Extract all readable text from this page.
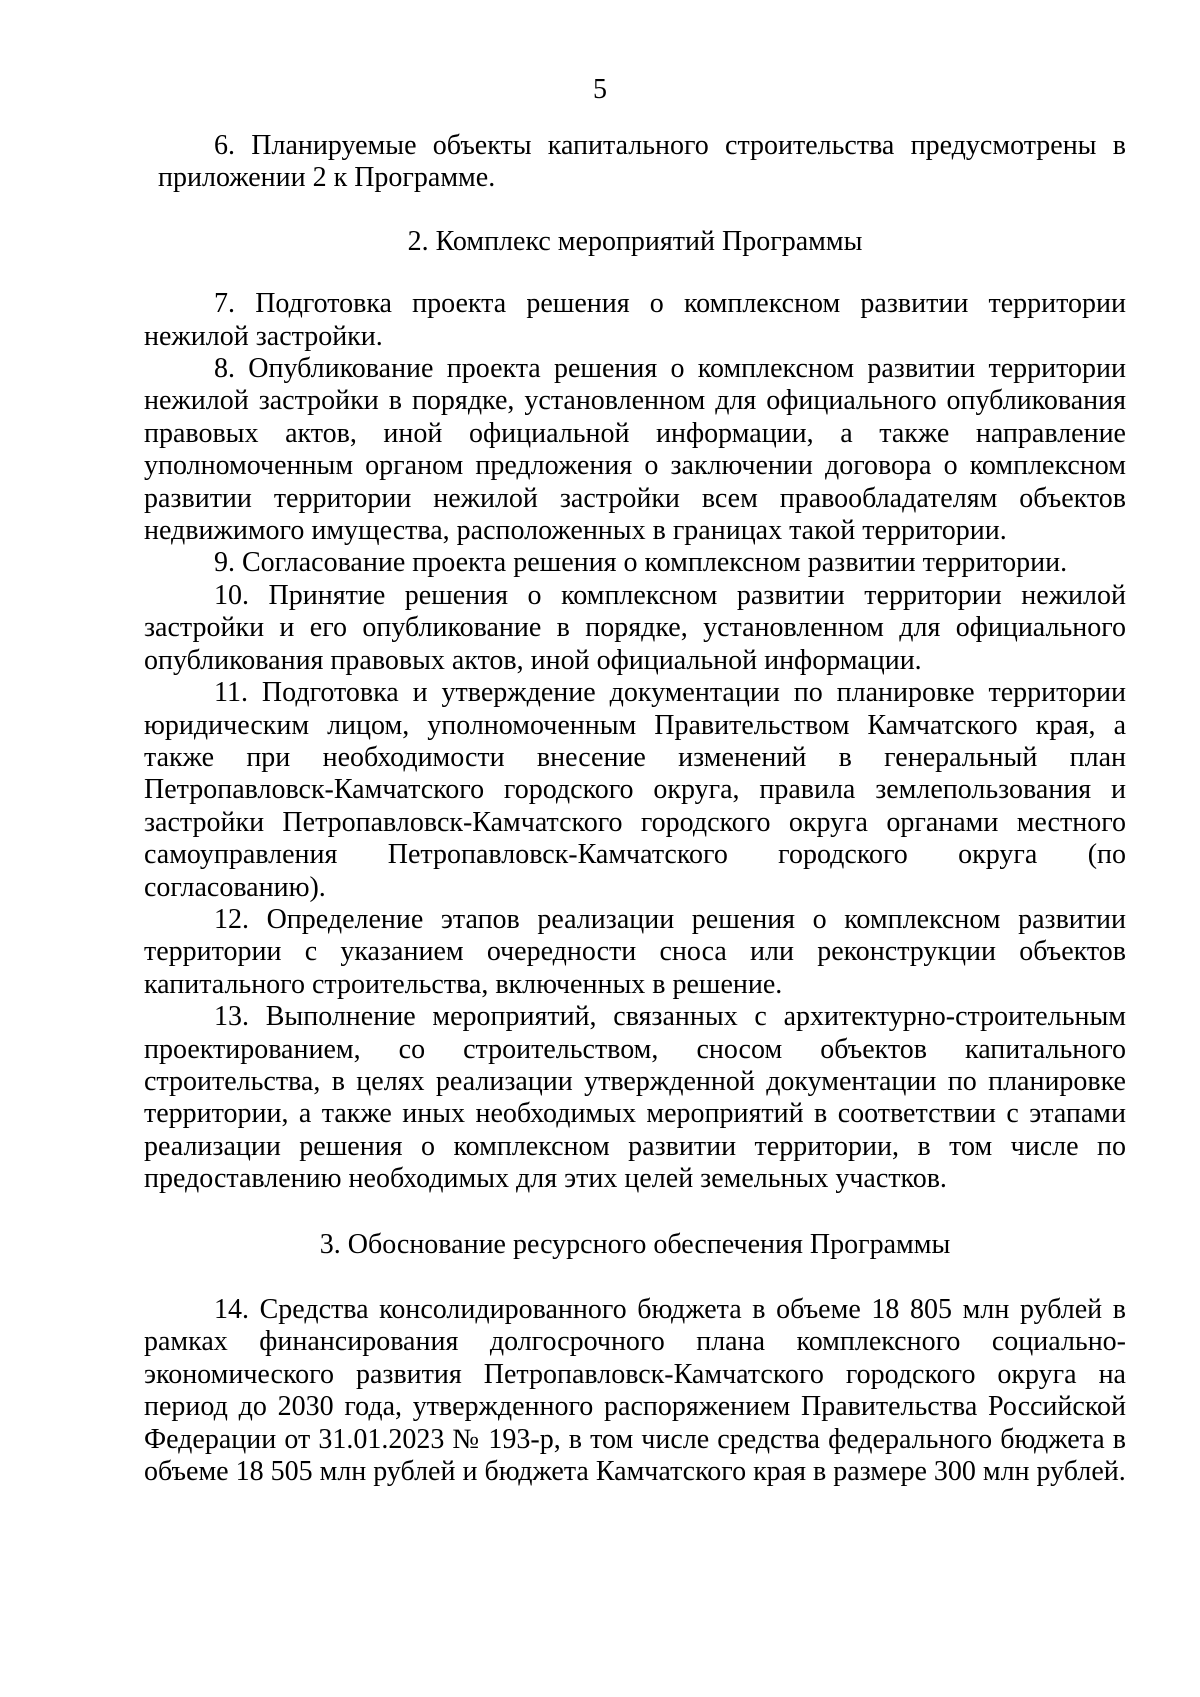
5

6. Планируемые объекты капитального строительства предусмотрены в приложении 2 к Программе.

2. Комплекс мероприятий Программы

7. Подготовка проекта решения о комплексном развитии территории нежилой застройки.

8. Опубликование проекта решения о комплексном развитии территории нежилой застройки в порядке, установленном для официального опубликования правовых актов, иной официальной информации, а также направление уполномоченным органом предложения о заключении договора о комплексном развитии территории нежилой застройки всем правообладателям объектов недвижимого имущества, расположенных в границах такой территории.

9. Согласование проекта решения о комплексном развитии территории.

10. Принятие решения о комплексном развитии территории нежилой застройки и его опубликование в порядке, установленном для официального опубликования правовых актов, иной официальной информации.

11. Подготовка и утверждение документации по планировке территории юридическим лицом, уполномоченным Правительством Камчатского края, а также при необходимости внесение изменений в генеральный план Петропавловск-Камчатского городского округа, правила землепользования и застройки Петропавловск-Камчатского городского округа органами местного самоуправления Петропавловск-Камчатского городского округа (по согласованию).

12. Определение этапов реализации решения о комплексном развитии территории с указанием очередности сноса или реконструкции объектов капитального строительства, включенных в решение.

13. Выполнение мероприятий, связанных с архитектурно-строительным проектированием, со строительством, сносом объектов капитального строительства, в целях реализации утвержденной документации по планировке территории, а также иных необходимых мероприятий в соответствии с этапами реализации решения о комплексном развитии территории, в том числе по предоставлению необходимых для этих целей земельных участков.

3. Обоснование ресурсного обеспечения Программы

14. Средства консолидированного бюджета в объеме 18 805 млн рублей в рамках финансирования долгосрочного плана комплексного социально-экономического развития Петропавловск-Камчатского городского округа на период до 2030 года, утвержденного распоряжением Правительства Российской Федерации от 31.01.2023 № 193-р, в том числе средства федерального бюджета в объеме 18 505 млн рублей и бюджета Камчатского края в размере 300 млн рублей.
